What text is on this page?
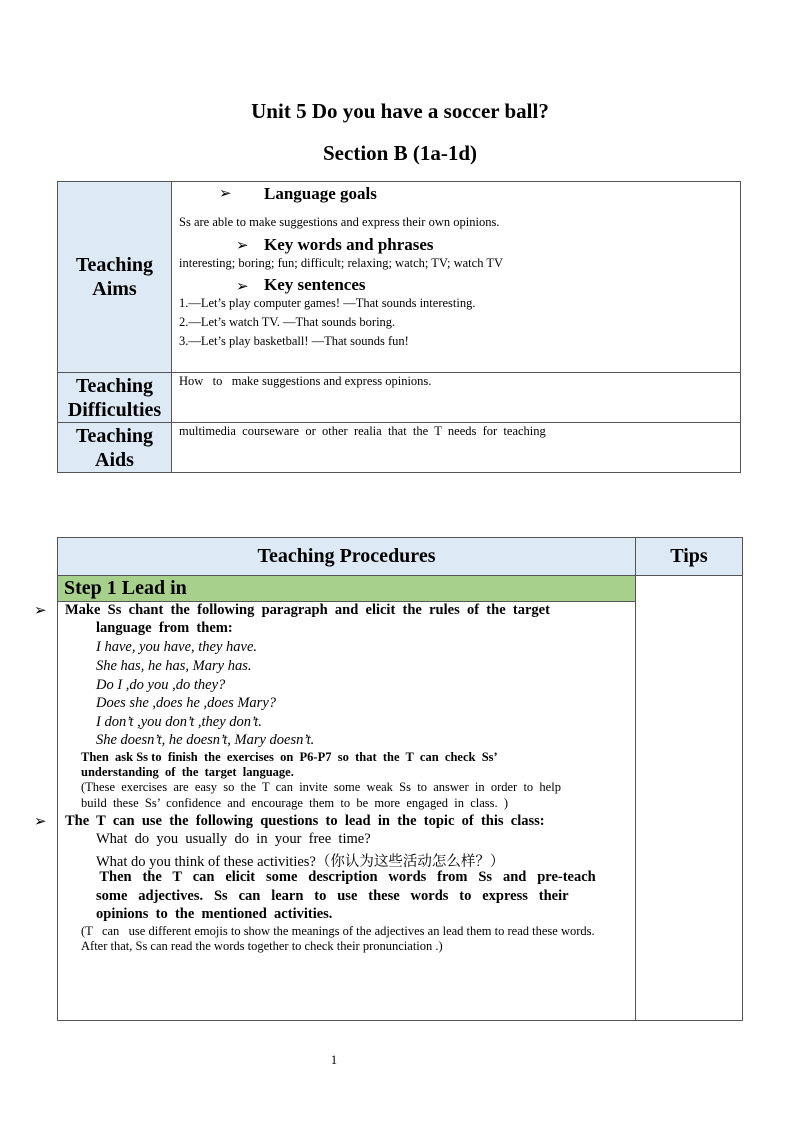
Unit 5 Do you have a soccer ball?
Section B (1a-1d)
Teaching
Aims
➢ Language goals
Ss are able to make suggestions and express their own opinions.
➢ Key words and phrases
interesting; boring; fun; difficult; relaxing; watch; TV; watch TV
➢ Key sentences
1.—Let’s play computer games! —That sounds interesting.
2.—Let’s watch TV. —That sounds boring.
3.—Let’s play basketball! —That sounds fun!
Teaching
Difficulties
How   to   make suggestions and express opinions.
Teaching
Aids
multimedia  courseware  or  other  realia  that  the  T  needs  for  teaching
Teaching Procedures	Tips
Step 1 Lead in
➢ Make  Ss  chant  the  following  paragraph  and  elicit  the  rules  of  the  target
language  from  them:
I have, you have, they have.
She has, he has, Mary has.
Do I ,do you ,do they?
Does she ,does he ,does Mary?
I don’t ,you don’t ,they don’t.
She doesn’t, he doesn’t, Mary doesn’t.
Then  ask Ss to  finish  the  exercises  on  P6-P7  so  that  the  T  can  check  Ss’
understanding  of  the  target  language.
(These  exercises  are  easy  so  the  T  can  invite  some  weak  Ss  to  answer  in  order  to  help
build  these  Ss’  confidence  and  encourage  them  to  be  more  engaged  in  class.  )
➢ The  T  can  use  the  following  questions  to  lead  in  the  topic  of  this  class:
What  do  you  usually  do  in  your  free  time?
What do you think of these activities?（你认为这些活动怎么样？）
Then   the   T   can   elicit   some   description   words   from   Ss   and   pre-teach
some   adjectives.   Ss   can   learn   to   use   these   words   to   express   their
opinions  to  the  mentioned  activities.
(T   can   use different emojis to show the meanings of the adjectives an lead them to read these words.
After that, Ss can read the words together to check their pronunciation .)
1
